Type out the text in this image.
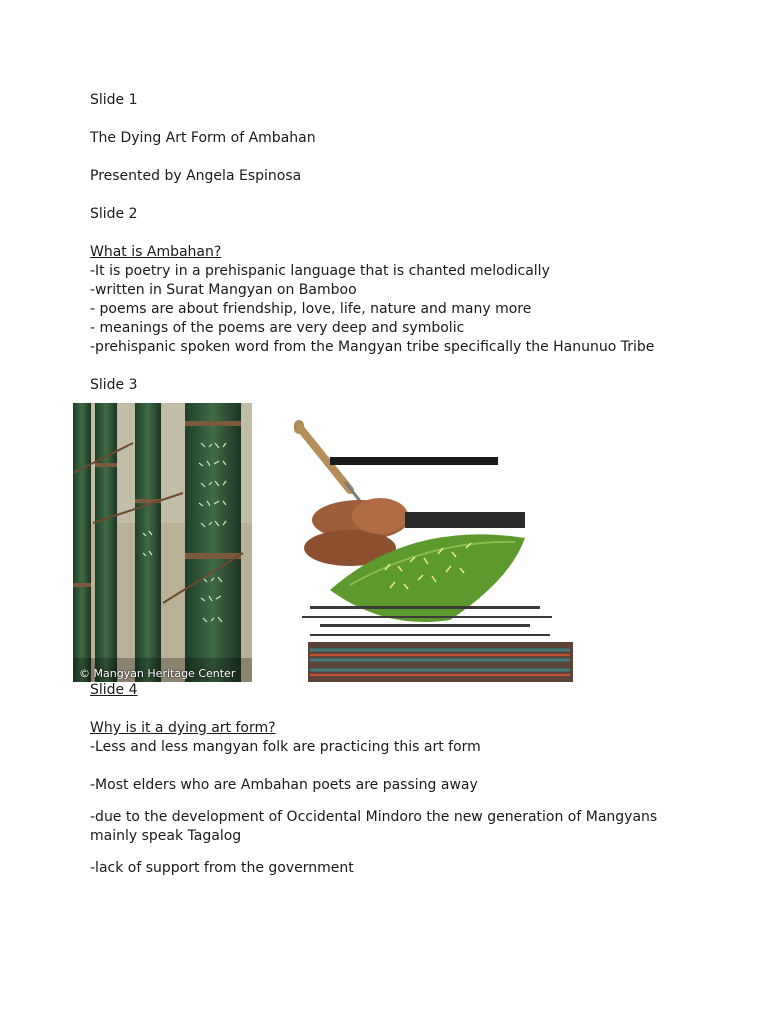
Slide 1

The Dying Art Form of Ambahan

Presented by Angela Espinosa

Slide 2

What is Ambahan?

-It is poetry in a prehispanic language that is chanted melodically

-written in Surat Mangyan on Bamboo

- poems are about friendship, love, life, nature and many more

- meanings of the poems are very deep and symbolic

-prehispanic spoken word from the Mangyan tribe specifically the Hanunuo Tribe

Slide 3

© Mangyan Heritage Center

Slide 4

Why is it a dying art form?

-Less and less mangyan folk are practicing this art form

-Most elders who are Ambahan poets are passing away

-due to the development of Occidental Mindoro the new generation of Mangyans mainly speak Tagalog

-lack of support from the government
